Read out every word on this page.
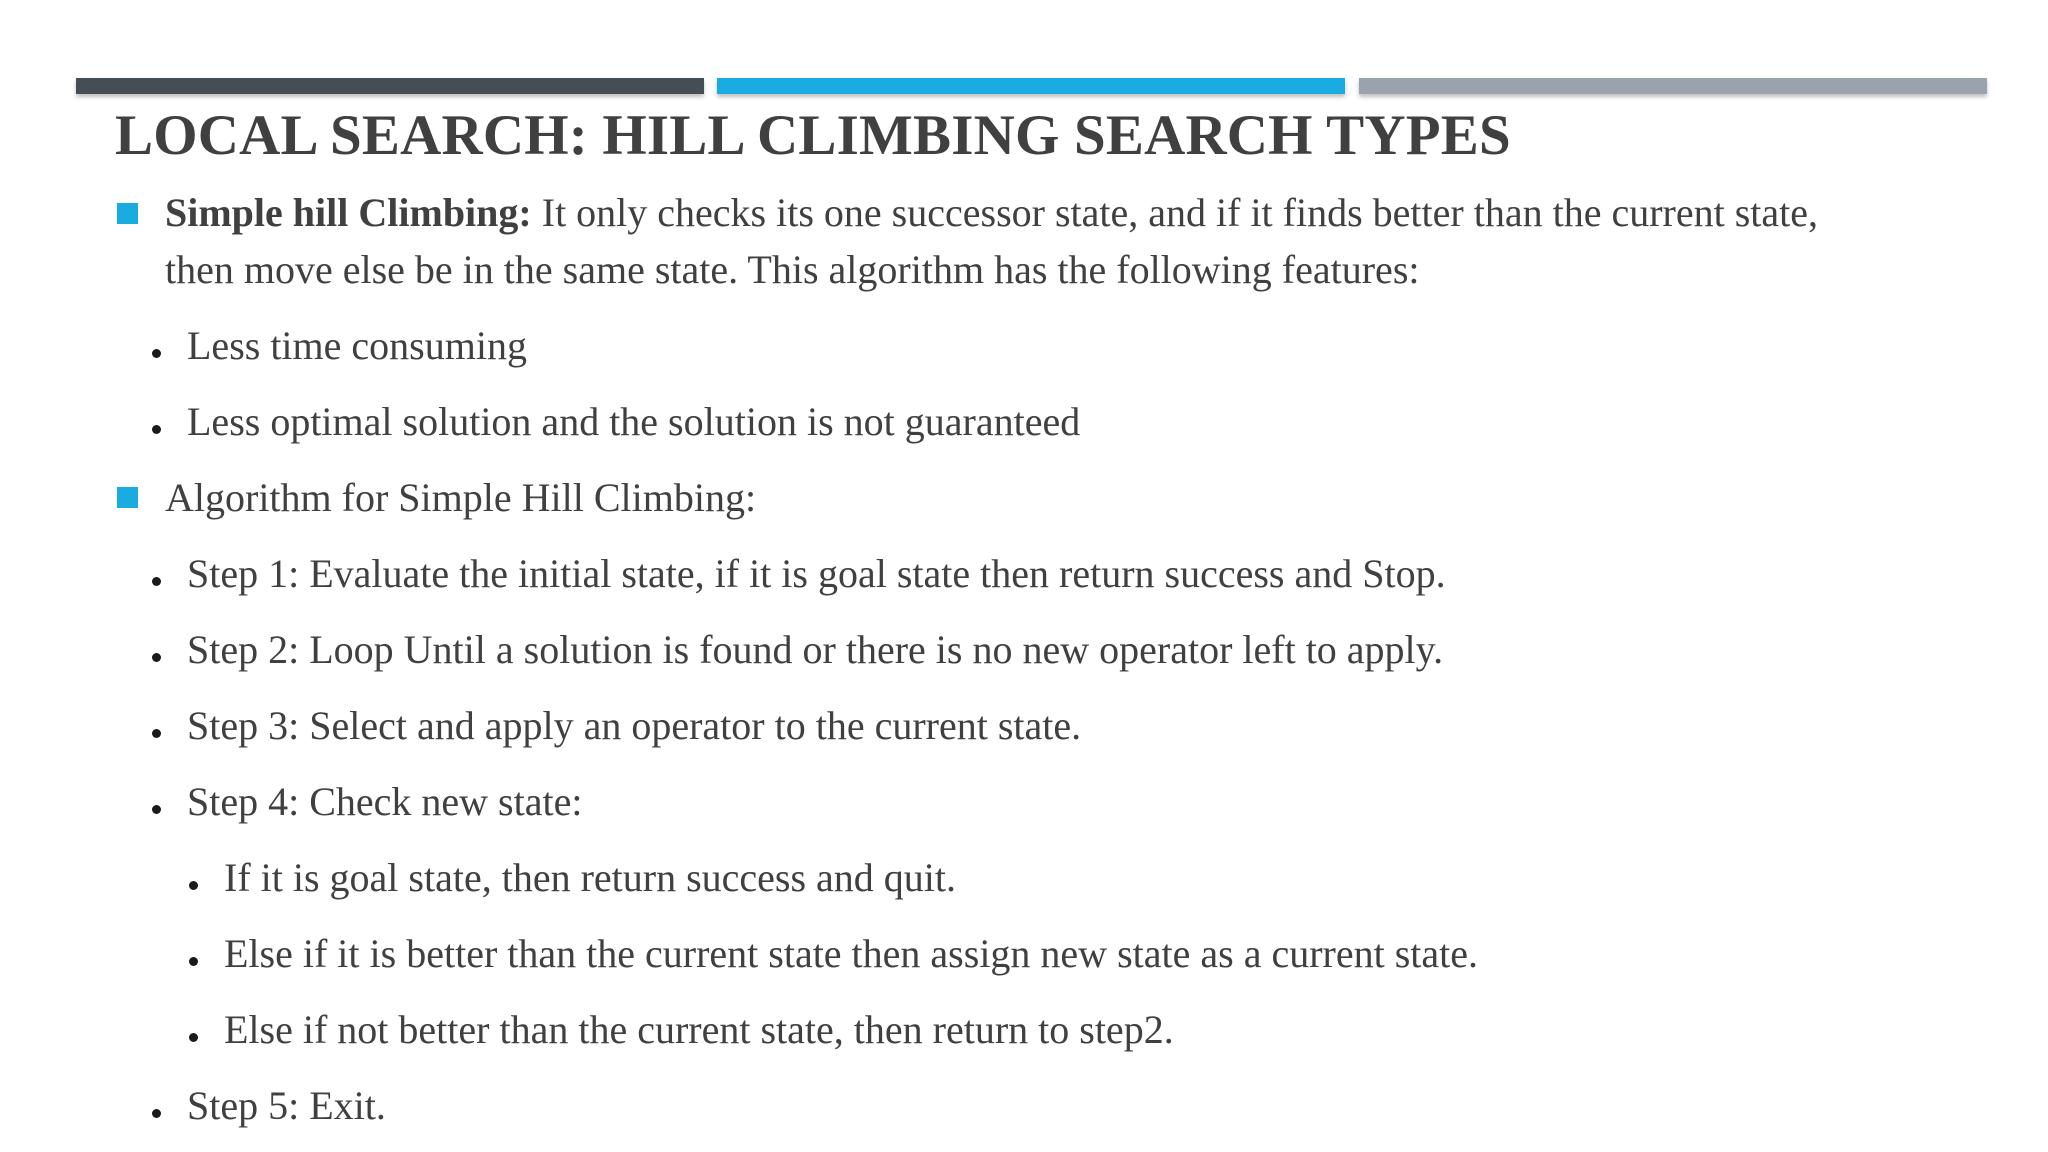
LOCAL SEARCH: HILL CLIMBING SEARCH TYPES
Simple hill Climbing: It only checks its one successor state, and if it finds better than the current state,
then move else be in the same state. This algorithm has the following features:
Less time consuming
Less optimal solution and the solution is not guaranteed
Algorithm for Simple Hill Climbing:
Step 1: Evaluate the initial state, if it is goal state then return success and Stop.
Step 2: Loop Until a solution is found or there is no new operator left to apply.
Step 3: Select and apply an operator to the current state.
Step 4: Check new state:
If it is goal state, then return success and quit.
Else if it is better than the current state then assign new state as a current state.
Else if not better than the current state, then return to step2.
Step 5: Exit.
